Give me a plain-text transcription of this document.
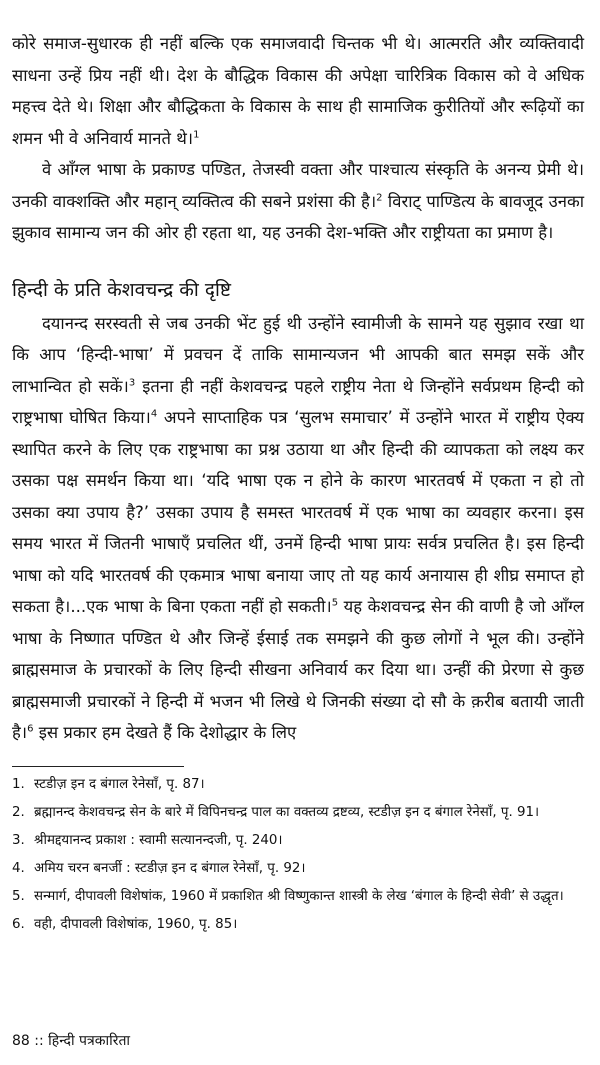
कोरे समाज-सुधारक ही नहीं बल्कि एक समाजवादी चिन्तक भी थे। आत्मरति और व्यक्तिवादी साधना उन्हें प्रिय नहीं थी। देश के बौद्धिक विकास की अपेक्षा चारित्रिक विकास को वे अधिक महत्त्व देते थे। शिक्षा और बौद्धिकता के विकास के साथ ही सामाजिक कुरीतियों और रूढ़ियों का शमन भी वे अनिवार्य मानते थे।$^1$

वे आँग्ल भाषा के प्रकाण्ड पण्डित, तेजस्वी वक्ता और पाश्चात्य संस्कृति के अनन्य प्रेमी थे। उनकी वाक्शक्ति और महान् व्यक्तित्व की सबने प्रशंसा की है।$^2$ विराट् पाण्डित्य के बावजूद उनका झुकाव सामान्य जन की ओर ही रहता था, यह उनकी देश-भक्ति और राष्ट्रीयता का प्रमाण है।

हिन्दी के प्रति केशवचन्द्र की दृष्टि

दयानन्द सरस्वती से जब उनकी भेंट हुई थी उन्होंने स्वामीजी के सामने यह सुझाव रखा था कि आप ‘हिन्दी-भाषा’ में प्रवचन दें ताकि सामान्यजन भी आपकी बात समझ सकें और लाभान्वित हो सकें।$^3$ इतना ही नहीं केशवचन्द्र पहले राष्ट्रीय नेता थे जिन्होंने सर्वप्रथम हिन्दी को राष्ट्रभाषा घोषित किया।$^4$ अपने साप्ताहिक पत्र ‘सुलभ समाचार’ में उन्होंने भारत में राष्ट्रीय ऐक्य स्थापित करने के लिए एक राष्ट्रभाषा का प्रश्न उठाया था और हिन्दी की व्यापकता को लक्ष्य कर उसका पक्ष समर्थन किया था। ‘यदि भाषा एक न होने के कारण भारतवर्ष में एकता न हो तो उसका क्या उपाय है?’ उसका उपाय है समस्त भारतवर्ष में एक भाषा का व्यवहार करना। इस समय भारत में जितनी भाषाएँ प्रचलित थीं, उनमें हिन्दी भाषा प्रायः सर्वत्र प्रचलित है। इस हिन्दी भाषा को यदि भारतवर्ष की एकमात्र भाषा बनाया जाए तो यह कार्य अनायास ही शीघ्र समाप्त हो सकता है।...एक भाषा के बिना एकता नहीं हो सकती।$^5$ यह केशवचन्द्र सेन की वाणी है जो आँग्ल भाषा के निष्णात पण्डित थे और जिन्हें ईसाई तक समझने की कुछ लोगों ने भूल की। उन्होंने ब्राह्मसमाज के प्रचारकों के लिए हिन्दी सीखना अनिवार्य कर दिया था। उन्हीं की प्रेरणा से कुछ ब्राह्मसमाजी प्रचारकों ने हिन्दी में भजन भी लिखे थे जिनकी संख्या दो सौ के क़रीब बतायी जाती है।$^6$ इस प्रकार हम देखते हैं कि देशोद्धार के लिए

1. स्टडीज़ इन द बंगाल रेनेसाँ, पृ. 87।
2. ब्रह्मानन्द केशवचन्द्र सेन के बारे में विपिनचन्द्र पाल का वक्तव्य द्रष्टव्य, स्टडीज़ इन द बंगाल रेनेसाँ, पृ. 91।
3. श्रीमद्दयानन्द प्रकाश : स्वामी सत्यानन्दजी, पृ. 240।
4. अमिय चरन बनर्जी : स्टडीज़ इन द बंगाल रेनेसाँ, पृ. 92।
5. सन्मार्ग, दीपावली विशेषांक, 1960 में प्रकाशित श्री विष्णुकान्त शास्त्री के लेख ‘बंगाल के हिन्दी सेवी’ से उद्धृत।
6. वही, दीपावली विशेषांक, 1960, पृ. 85।
88 :: हिन्दी पत्रकारिता
